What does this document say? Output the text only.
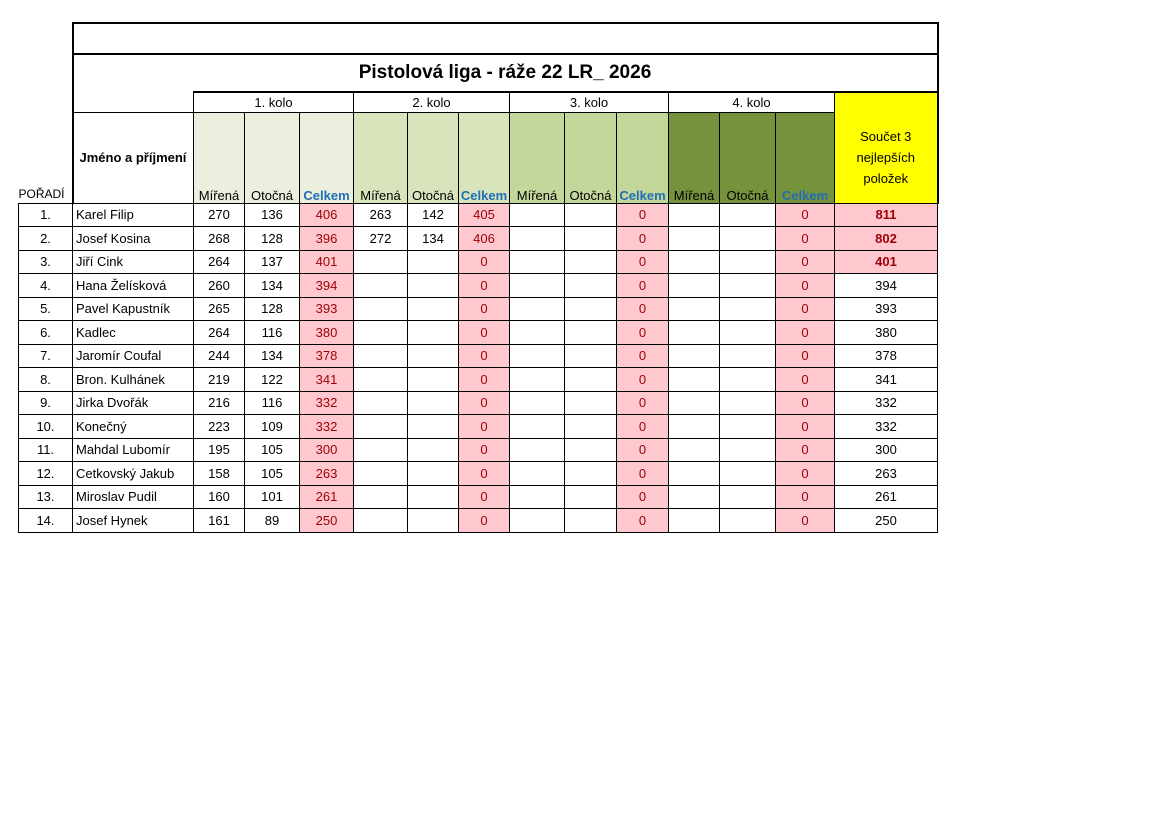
	Pistolová liga - ráže 22 LR_ 2026													
		1. kolo			2. kolo			3. kolo			4. kolo			Součet 3 nejlepších položek
POŘADÍ	Jméno a příjmení	Mířená	Otočná	Celkem	Mířená	Otočná	Celkem	Mířená	Otočná	Celkem	Mířená	Otočná	Celkem	
1.	Karel Filip	270	136	406	263	142	405			0			0	811
2.	Josef Kosina	268	128	396	272	134	406			0			0	802
3.	Jiří Cink	264	137	401			0			0			0	401
4.	Hana Želísková	260	134	394			0			0			0	394
5.	Pavel Kapustník	265	128	393			0			0			0	393
6.	Kadlec	264	116	380			0			0			0	380
7.	Jaromír Coufal	244	134	378			0			0			0	378
8.	Bron. Kulhánek	219	122	341			0			0			0	341
9.	Jirka Dvořák	216	116	332			0			0			0	332
10.	Konečný	223	109	332			0			0			0	332
11.	Mahdal Lubomír	195	105	300			0			0			0	300
12.	Cetkovský Jakub	158	105	263			0			0			0	263
13.	Miroslav Pudil	160	101	261			0			0			0	261
14.	Josef Hynek	161	89	250			0			0			0	250
